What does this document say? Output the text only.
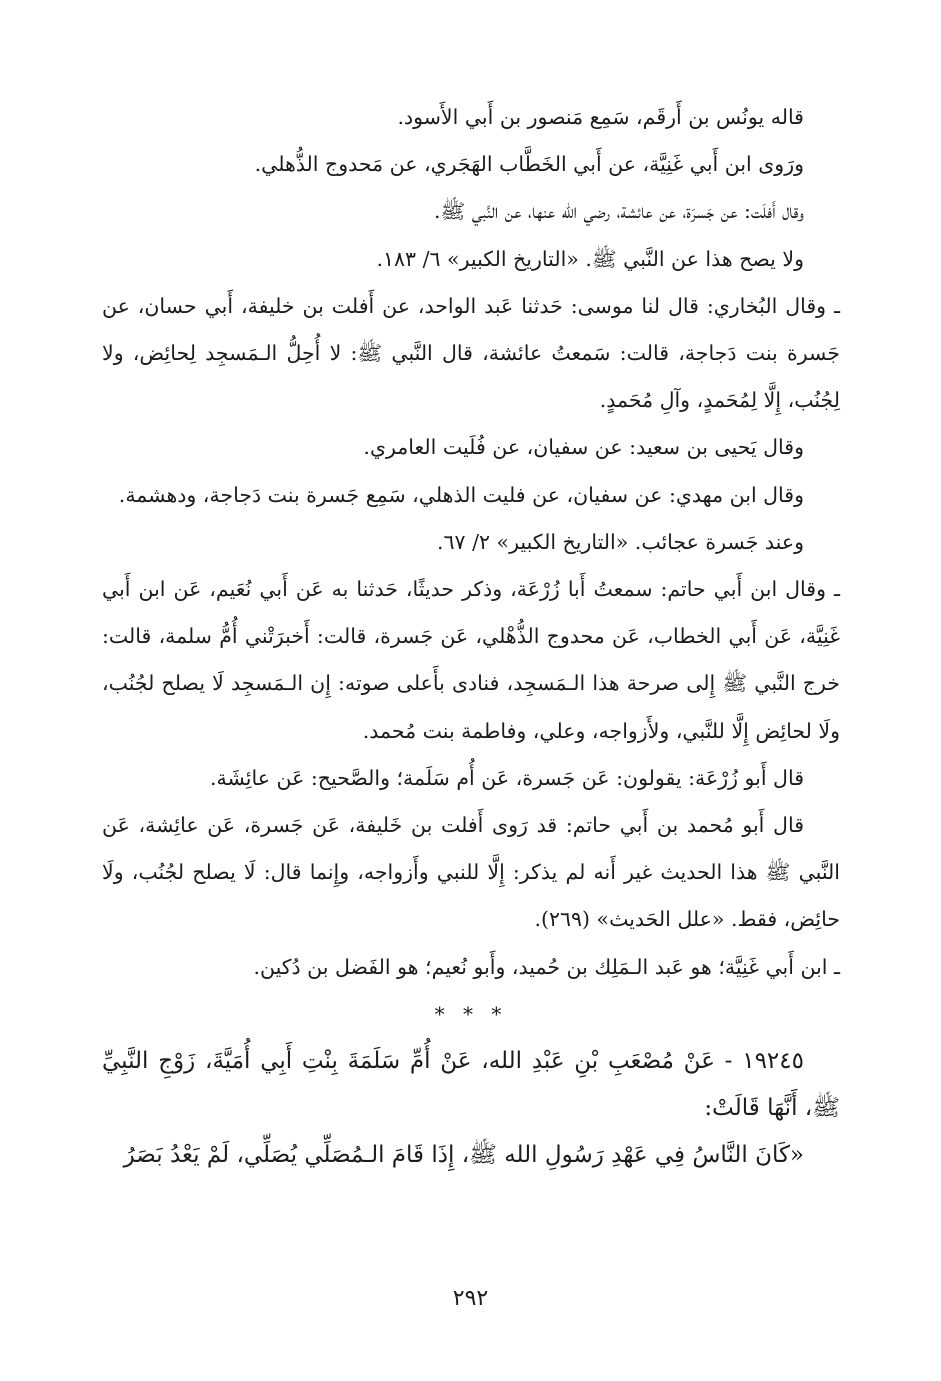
قاله يونُس بن أَرقَم، سَمِع مَنصور بن أَبي الأَسود.

ورَوى ابن أَبي غَنِيَّة، عن أَبي الخَطَّاب الهَجَري، عن مَحدوج الذُّهلي.

وقال أَفلَت: عن جَسرَة، عن عائشة، رضي الله عنها، عن النَّبي ﷺ.

ولا يصح هذا عن النَّبي ﷺ. «التاريخ الكبير» ٦/ ١٨٣.

ـ وقال البُخاري: قال لنا موسى: حَدثنا عَبد الواحد، عن أَفلت بن خليفة، أَبي حسان، عن جَسرة بنت دَجاجة، قالت: سَمعتُ عائشة، قال النَّبي ﷺ: لا أُحِلُّ الـمَسجِد لِحائِض، ولا لِجُنُب، إِلَّا لِمُحَمدٍ، وآلِ مُحَمدٍ.

وقال يَحيى بن سعيد: عن سفيان، عن فُلَيت العامري.

وقال ابن مهدي: عن سفيان، عن فليت الذهلي، سَمِع جَسرة بنت دَجاجة، ودهشمة.

وعند جَسرة عجائب. «التاريخ الكبير» ٢/ ٦٧.

ـ وقال ابن أَبي حاتم: سمعتُ أَبا زُرْعَة، وذكر حديثًا، حَدثنا به عَن أَبي نُعَيم، عَن ابن أَبي غَنِيَّة، عَن أَبي الخطاب، عَن محدوج الذُّهْلي، عَن جَسرة، قالت: أَخبرَتْني أُمُّ سلمة، قالت: خرج النَّبي ﷺ إِلى صرحة هذا الـمَسجِد، فنادى بأَعلى صوته: إِن الـمَسجِد لَا يصلح لجُنُب، ولَا لحائِض إِلَّا للنَّبي، ولأَزواجه، وعلي، وفاطمة بنت مُحمد.

قال أَبو زُرْعَة: يقولون: عَن جَسرة، عَن أُم سَلَمة؛ والصَّحيح: عَن عائِشَة.

قال أَبو مُحمد بن أَبي حاتم: قد رَوى أَفلت بن خَليفة، عَن جَسرة، عَن عائِشة، عَن النَّبي ﷺ هذا الحديث غير أَنه لم يذكر: إِلَّا للنبي وأَزواجه، وإِنما قال: لَا يصلح لجُنُب، ولَا حائِض، فقط. «علل الحَديث» (٢٦٩).

ـ ابن أَبي غَنِيَّة؛ هو عَبد الـمَلِك بن حُميد، وأَبو نُعيم؛ هو الفَضل بن دُكين.

* * *

١٩٢٤٥ - عَنْ مُصْعَبِ بْنِ عَبْدِ الله، عَنْ أُمِّ سَلَمَةَ بِنْتِ أَبِي أُمَيَّةَ، زَوْجِ النَّبِيِّ ﷺ، أَنَّهَا قَالَتْ:

«كَانَ النَّاسُ فِي عَهْدِ رَسُولِ الله ﷺ، إِذَا قَامَ الـمُصَلِّي يُصَلِّي، لَمْ يَعْدُ بَصَرُ

٢٩٢
